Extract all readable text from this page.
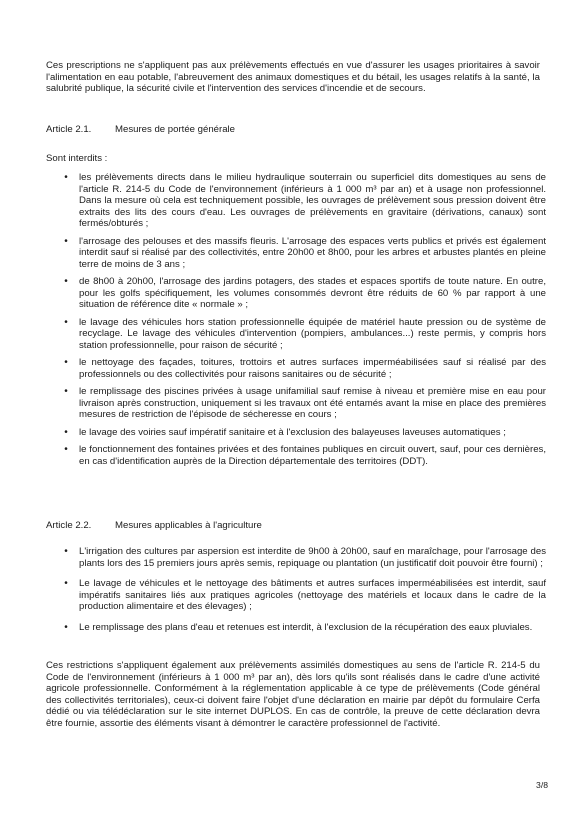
Ces prescriptions ne s'appliquent pas aux prélèvements effectués en vue d'assurer les usages prioritaires à savoir l'alimentation en eau potable, l'abreuvement des animaux domestiques et du bétail, les usages relatifs à la santé, la salubrité publique, la sécurité civile et l'intervention des services d'incendie et de secours.

Article 2.1. Mesures de portée générale

Sont interdits :

• les prélèvements directs dans le milieu hydraulique souterrain ou superficiel dits domestiques au sens de l'article R. 214-5 du Code de l'environnement (inférieurs à 1 000 m³ par an) et à usage non professionnel. Dans la mesure où cela est techniquement possible, les ouvrages de prélèvement sous pression doivent être extraits des lits des cours d'eau. Les ouvrages de prélèvements en gravitaire (dérivations, canaux) sont fermés/obturés ;
• l'arrosage des pelouses et des massifs fleuris. L'arrosage des espaces verts publics et privés est également interdit sauf si réalisé par des collectivités, entre 20h00 et 8h00, pour les arbres et arbustes plantés en pleine terre de moins de 3 ans ;
• de 8h00 à 20h00, l'arrosage des jardins potagers, des stades et espaces sportifs de toute nature. En outre, pour les golfs spécifiquement, les volumes consommés devront être réduits de 60 % par rapport à une situation de référence dite « normale » ;
• le lavage des véhicules hors station professionnelle équipée de matériel haute pression ou de système de recyclage. Le lavage des véhicules d'intervention (pompiers, ambulances...) reste permis, y compris hors station professionnelle, pour raison de sécurité ;
• le nettoyage des façades, toitures, trottoirs et autres surfaces imperméabilisées sauf si réalisé par des professionnels ou des collectivités pour raisons sanitaires ou de sécurité ;
• le remplissage des piscines privées à usage unifamilial sauf remise à niveau et première mise en eau pour livraison après construction, uniquement si les travaux ont été entamés avant la mise en place des premières mesures de restriction de l'épisode de sécheresse en cours ;
• le lavage des voiries sauf impératif sanitaire et à l'exclusion des balayeuses laveuses automatiques ;
• le fonctionnement des fontaines privées et des fontaines publiques en circuit ouvert, sauf, pour ces dernières, en cas d'identification auprès de la Direction départementale des territoires (DDT).

Article 2.2. Mesures applicables à l'agriculture

• L'irrigation des cultures par aspersion est interdite de 9h00 à 20h00, sauf en maraîchage, pour l'arrosage des plants lors des 15 premiers jours après semis, repiquage ou plantation (un justificatif doit pouvoir être fourni) ;
• Le lavage de véhicules et le nettoyage des bâtiments et autres surfaces imperméabilisées est interdit, sauf impératifs sanitaires liés aux pratiques agricoles (nettoyage des matériels et locaux dans le cadre de la production alimentaire et des élevages) ;
• Le remplissage des plans d'eau et retenues est interdit, à l'exclusion de la récupération des eaux pluviales.

Ces restrictions s'appliquent également aux prélèvements assimilés domestiques au sens de l'article R. 214-5 du Code de l'environnement (inférieurs à 1 000 m³ par an), dès lors qu'ils sont réalisés dans le cadre d'une activité agricole professionnelle. Conformément à la réglementation applicable à ce type de prélèvements (Code général des collectivités territoriales), ceux-ci doivent faire l'objet d'une déclaration en mairie par dépôt du formulaire Cerfa dédié ou via télédéclaration sur le site internet DUPLOS. En cas de contrôle, la preuve de cette déclaration devra être fournie, assortie des éléments visant à démontrer le caractère professionnel de l'activité.

3/8
